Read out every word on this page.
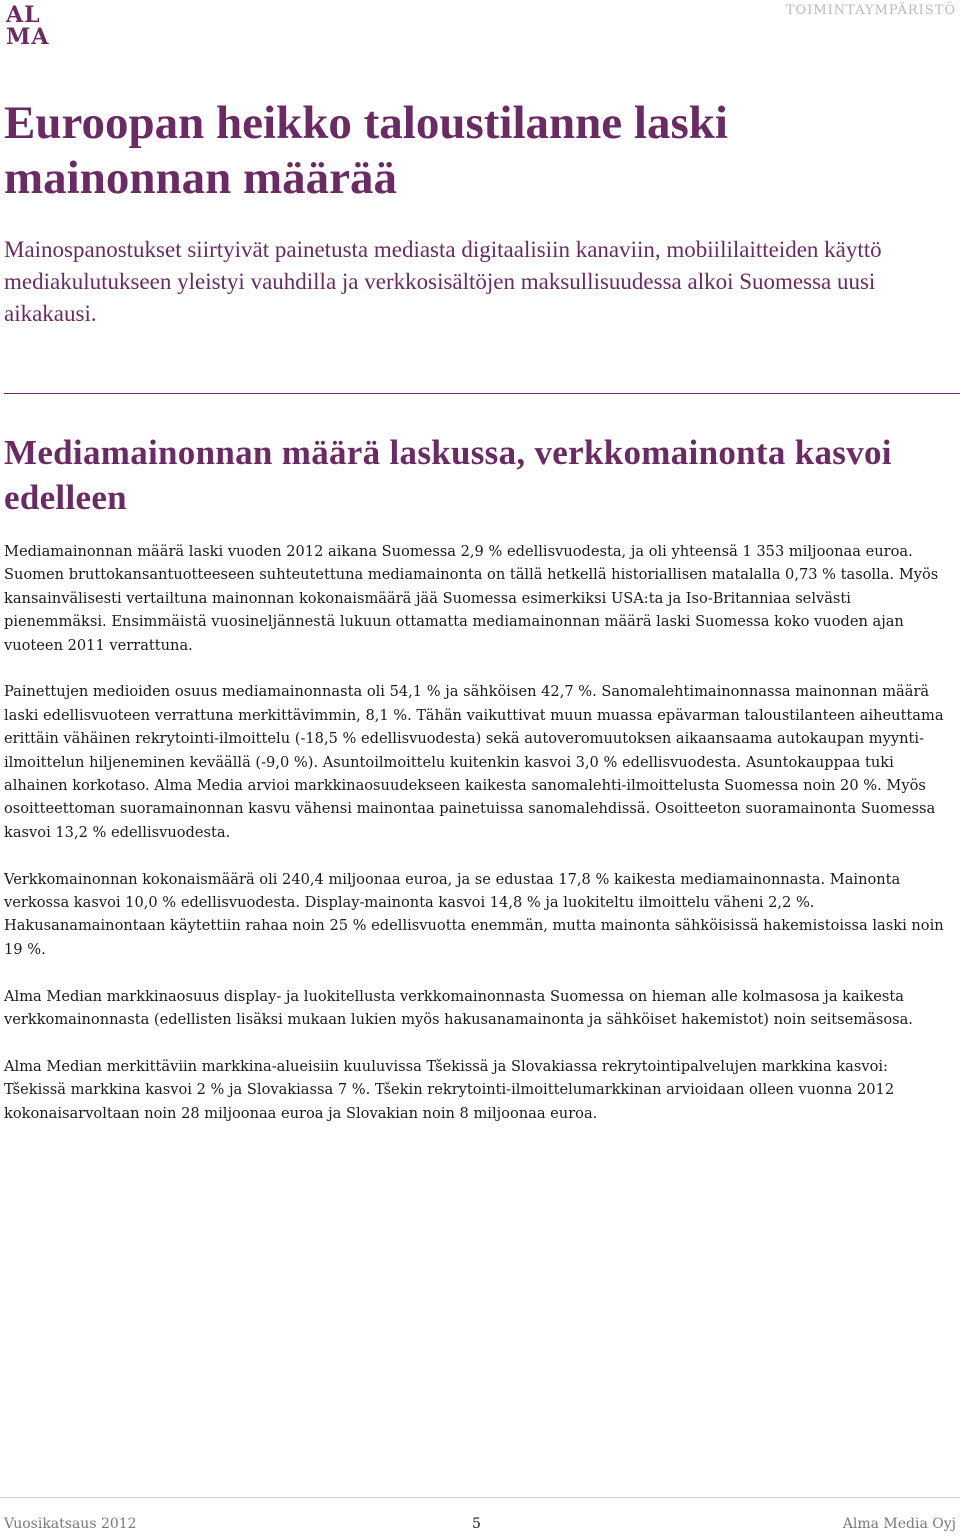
AL
MA
TOIMINTAYMPÄRISTÖ
Euroopan heikko taloustilanne laski mainonnan määrää

Mainospanostukset siirtyivät painetusta mediasta digitaalisiin kanaviin, mobiililaitteiden käyttö mediakulutukseen yleistyi vauhdilla ja verkkosisältöjen maksullisuudessa alkoi Suomessa uusi aikakausi.

Mediamainonnan määrä laskussa, verkkomainonta kasvoi edelleen

Mediamainonnan määrä laski vuoden 2012 aikana Suomessa 2,9 % edellisvuodesta, ja oli yhteensä 1 353 miljoonaa euroa. Suomen bruttokansantuotteeseen suhteutettuna mediamainonta on tällä hetkellä historiallisen matalalla 0,73 % tasolla. Myös kansainvälisesti vertailtuna mainonnan kokonaismäärä jää Suomessa esimerkiksi USA:ta ja Iso-Britanniaa selvästi pienemmäksi. Ensimmäistä vuosineljännestä lukuun ottamatta mediamainonnan määrä laski Suomessa koko vuoden ajan vuoteen 2011 verrattuna.

Painettujen medioiden osuus mediamainonnasta oli 54,1 % ja sähköisen 42,7 %. Sanomalehtimainonnassa mainonnan määrä laski edellisvuoteen verrattuna merkittävimmin, 8,1 %. Tähän vaikuttivat muun muassa epävarman taloustilanteen aiheuttama erittäin vähäinen rekrytointi-ilmoittelu (-18,5 % edellisvuodesta) sekä autoveromuutoksen aikaansaama autokaupan myynti-ilmoittelun hiljeneminen keväällä (-9,0 %). Asuntoilmoittelu kuitenkin kasvoi 3,0 % edellisvuodesta. Asuntokauppaa tuki alhainen korkotaso. Alma Media arvioi markkinaosuudekseen kaikesta sanomalehti-ilmoittelusta Suomessa noin 20 %. Myös osoitteettoman suoramainonnan kasvu vähensi mainontaa painetuissa sanomalehdissä. Osoitteeton suoramainonta Suomessa kasvoi 13,2 % edellisvuodesta.

Verkkomainonnan kokonaismäärä oli 240,4 miljoonaa euroa, ja se edustaa 17,8 % kaikesta mediamainonnasta. Mainonta verkossa kasvoi 10,0 % edellisvuodesta. Display-mainonta kasvoi 14,8 % ja luokiteltu ilmoittelu väheni 2,2 %. Hakusanamainontaan käytettiin rahaa noin 25 % edellisvuotta enemmän, mutta mainonta sähköisissä hakemistoissa laski noin 19 %.

Alma Median markkinaosuus display- ja luokitellusta verkkomainonnasta Suomessa on hieman alle kolmasosa ja kaikesta verkkomainonnasta (edellisten lisäksi mukaan lukien myös hakusanamainonta ja sähköiset hakemistot) noin seitsemäsosa.

Alma Median merkittäviin markkina-alueisiin kuuluvissa Tšekissä ja Slovakiassa rekrytointipalvelujen markkina kasvoi: Tšekissä markkina kasvoi 2 % ja Slovakiassa 7 %. Tšekin rekrytointi-ilmoittelumarkkinan arvioidaan olleen vuonna 2012 kokonaisarvoltaan noin 28 miljoonaa euroa ja Slovakian noin 8 miljoonaa euroa.

Vuosikatsaus 2012	5	Alma Media Oyj
